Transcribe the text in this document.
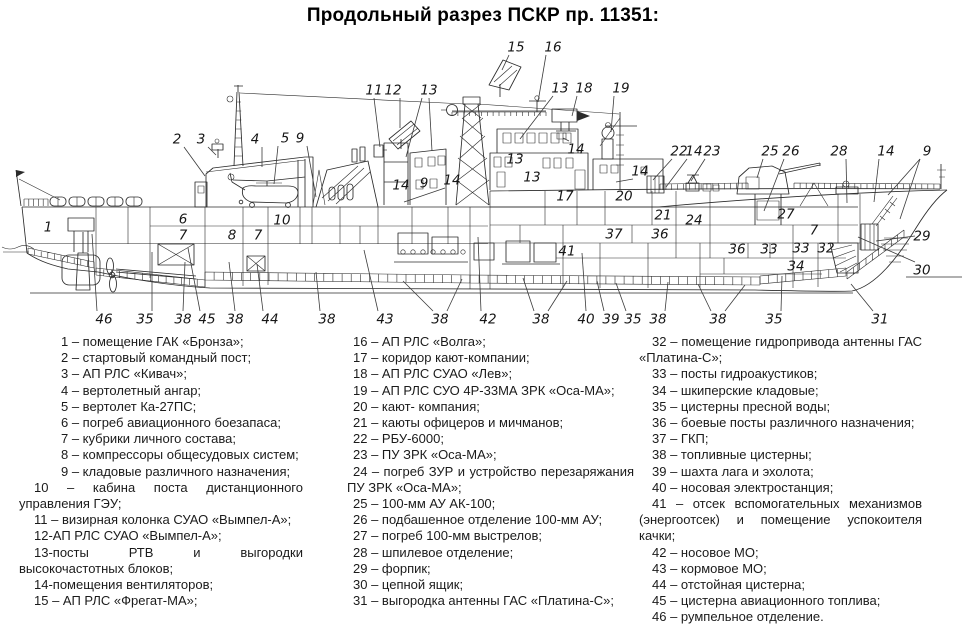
Продольный разрез ПСКР пр. 11351:
2 3	4 5 9
11 12 13
15 16
13 18 19
22
14 23	25 26 28 14 9
29
30
1	6
7	8 7
10
14 9 14
13
13
14
17	20
14
21 24	27
7
37 36
36 33 33 32
34
41
46 35 38 45 38 44	38	43	38 42	38 40 39 35 38	38	35	31

1 – помещение ГАК «Бронза»;

2 – стартовый командный пост;

3 – АП РЛС «Кивач»;

4 – вертолетный ангар;

5 – вертолет Ка-27ПС;

6 – погреб авиационного боезапаса;

7 – кубрики личного состава;

8 – компрессоры общесудовых систем;

9 – кладовые различного назначения;

10 – кабина поста дистанционного управления ГЭУ;

11 – визирная колонка СУАО «Вымпел-А»;

12-АП РЛС СУАО «Вымпел-А»;

13-посты РТВ и выгородки высокочастотных блоков;

14-помещения вентиляторов;

15 – АП РЛС «Фрегат-МА»;

16 – АП РЛС «Волга»;

17 – коридор кают-компании;

18 – АП РЛС СУАО «Лев»;

19 – АП РЛС СУО 4Р-33МА ЗРК «Оса-МА»;

20 – кают- компания;

21 – каюты офицеров и мичманов;

22 – РБУ-6000;

23 – ПУ ЗРК «Оса-МА»;

24 – погреб ЗУР и устройство перезаряжания ПУ ЗРК «Оса-МА»;

25 – 100-мм АУ АК-100;

26 – подбашенное отделение 100-мм АУ;

27 – погреб 100-мм выстрелов;

28 – шпилевое отделение;

29 – форпик;

30 – цепной ящик;

31 – выгородка антенны ГАС «Платина-С»;

32 – помещение гидропривода антенны ГАС «Платина-С»;

33 – посты гидроакустиков;

34 – шкиперские кладовые;

35 – цистерны пресной воды;

36 – боевые посты различного назначения;

37 – ГКП;

38 – топливные цистерны;

39 – шахта лага и эхолота;

40 – носовая электростанция;

41 – отсек вспомогательных механизмов (энергоотсек) и помещение успокоителя качки;

42 – носовое МО;

43 – кормовое МО;

44 – отстойная цистерна;

45 – цистерна авиационного топлива;

46 – румпельное отделение.
